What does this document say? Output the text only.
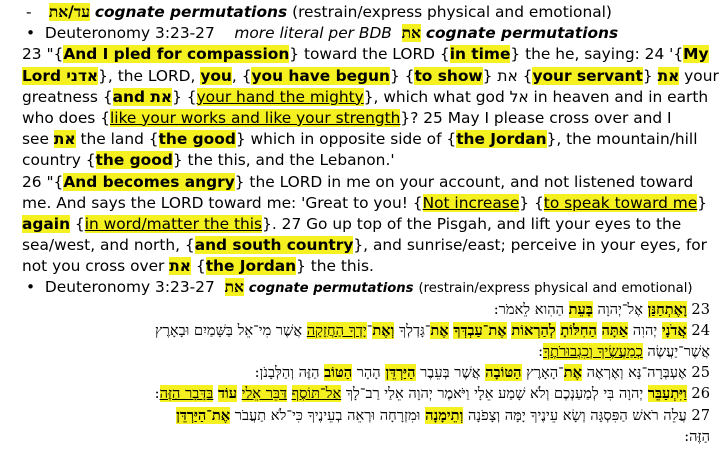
- עד/את cognate permutations (restrain/express physical and emotional)
• Deuteronomy 3:23-27 more literal per BDB את cognate permutations
23 "{And I pled for compassion} toward the LORD {in time} the he, saying: 24 '{My
Lord אדני}, the LORD, you, {you have begun} {to show} את {your servant} את your
greatness {and את} {your hand the mighty}, which what god אל in heaven and in earth
who does {like your works and like your strength}? 25 May I please cross over and I
see את the land {the good} which in opposite side of {the Jordan}, the mountain/hill
country {the good} the this, and the Lebanon.'
26 "{And becomes angry} the LORD in me on your account, and not listened toward
me. And says the LORD toward me: 'Great to you! {Not increase} {to speak toward me}
again {in word/matter the this}. 27 Go up top of the Pisgah, and lift your eyes to the
sea/west, and north, {and south country}, and sunrise/east; perceive in your eyes, for
not you cross over את {the Jordan} the this.
• Deuteronomy 3:23-27 את cognate permutations (restrain/express physical and emotional)
23 וָאֶתְחַנַּן אֶל־יְהוָה בָּעֵת הַהִוא לֵאמֹר:
24 אֲדֹנָי יְהוִה אַתָּה הַחִלּוֹתָ לְהַרְאוֹת אֶת־עַבְדְּךָ אֶת־גָּדְלְךָ וְאֶת־יָדְךָ הַחֲזָקָה אֲשֶׁר מִי־אֵל בַּשָּׁמַיִם וּבָאָרֶץ
אֲשֶׁר־יַעֲשֶׂה כְמַעֲשֶׂיךָ וְכִגְבוּרֹתֶךָ:
25 אֶעְבְּרָה־נָּא וְאֶרְאֶה אֶת־הָאָרֶץ הַטּוֹבָה אֲשֶׁר בְּעֵבֶר הַיַּרְדֵּן הָהָר הַטּוֹב הַזֶּה וְהַלְּבָנֹן:
26 וַיִּתְעַבֵּר יְהוָה בִּי לְמַעַנְכֶם וְלֹא שָׁמַע אֵלָי וַיֹּאמֶר יְהוָה אֵלַי רַב־לָךְ אַל־תּוֹסֶף דַּבֵּר אֵלַי עוֹד בַּדָּבָר הַזֶּה:
27 עֲלֵה רֹאשׁ הַפִּסְגָּה וְשָׂא עֵינֶיךָ יָמָּה וְצָפֹנָה וְתֵימָנָה וּמִזְרָחָה וּרְאֵה בְעֵינֶיךָ כִּי־לֹא תַעֲבֹר אֶת־הַיַּרְדֵּן
הַזֶּה:
